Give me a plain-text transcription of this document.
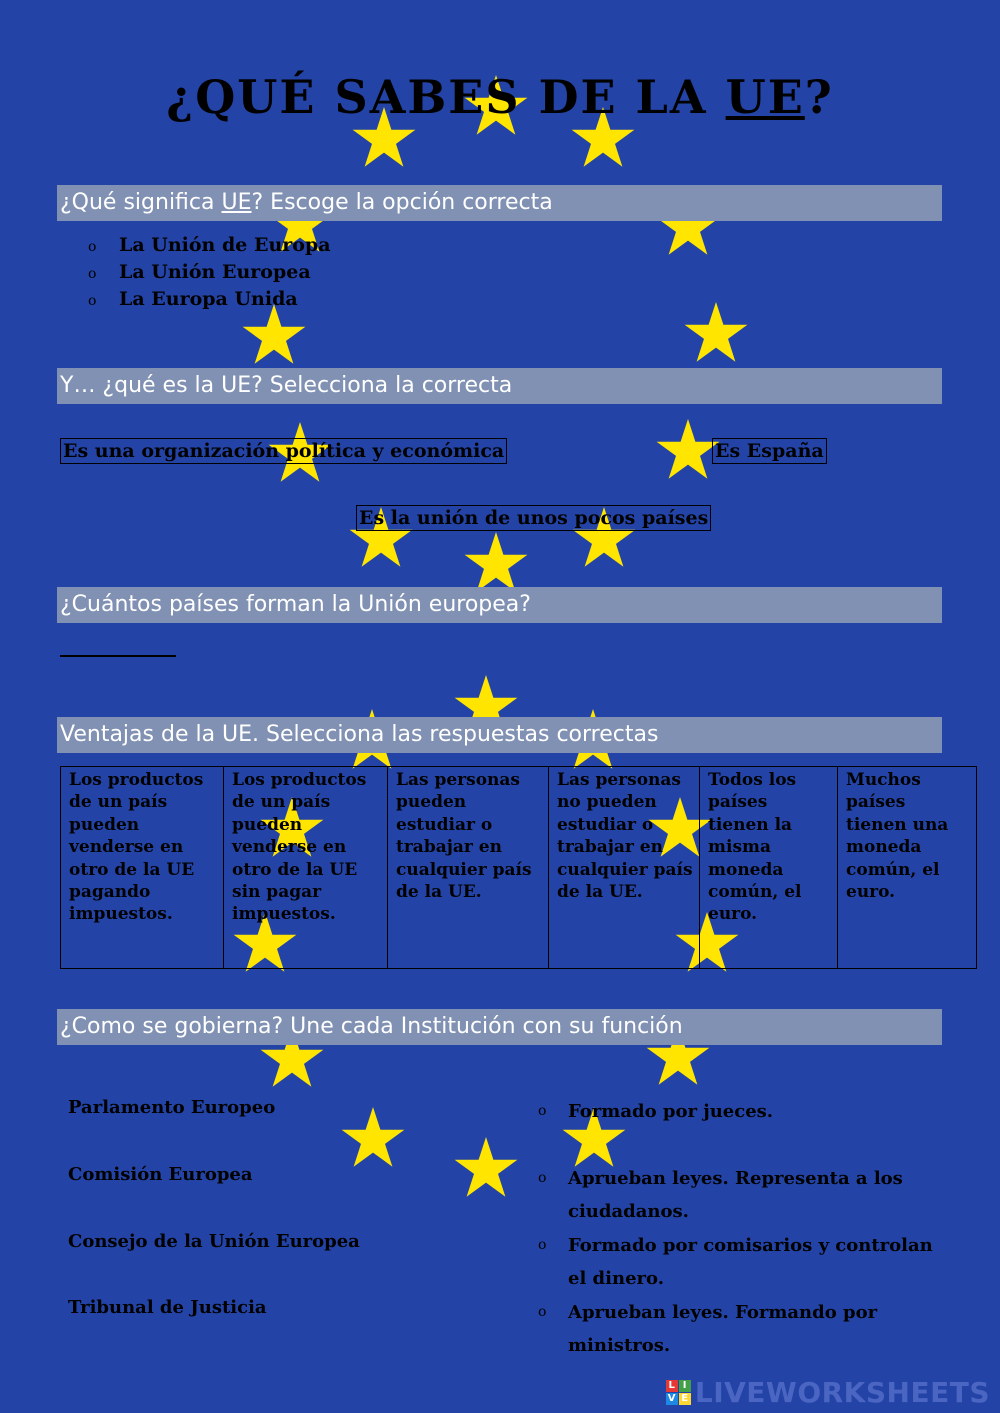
¿QUÉ SABES DE LA UE?
¿Qué significa UE? Escoge la opción correcta
o La Unión de Europa
o La Unión Europea
o La Europa Unida
Y… ¿qué es la UE? Selecciona la correcta
Es una organización política y económica	Es España
Es la unión de unos pocos países
¿Cuántos países forman la Unión europea?
Ventajas de la UE. Selecciona las respuestas correctas
Los productos de un país pueden venderse en otro de la UE pagando impuestos.	Los productos de un país pueden venderse en otro de la UE sin pagar impuestos.	Las personas pueden estudiar o trabajar en cualquier país de la UE.	Las personas no pueden estudiar o trabajar en cualquier país de la UE.	Todos los países tienen la misma moneda común, el euro.	Muchos países tienen una moneda común, el euro.
¿Como se gobierna? Une cada Institución con su función
Parlamento Europeo
Comisión Europea
Consejo de la Unión Europea
Tribunal de Justicia
o Formado por jueces.
o Aprueban leyes. Representa a los ciudadanos.
o Formado por comisarios y controlan el dinero.
o Aprueban leyes. Formando por ministros.
L I
V E LIVEWORKSHEETS
